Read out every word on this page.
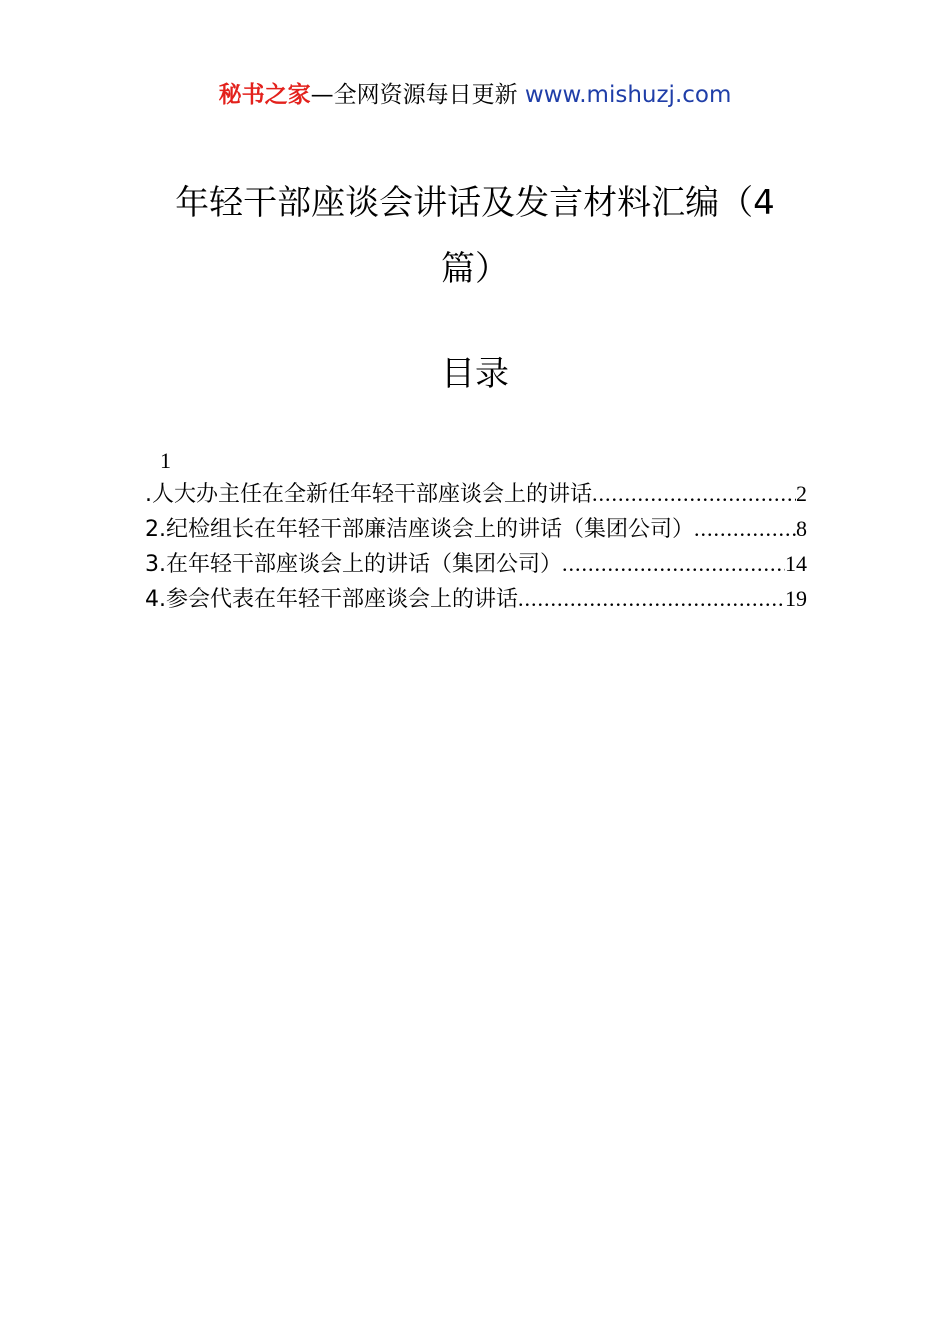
秘书之家—全网资源每日更新 www.mishuzj.com
年轻干部座谈会讲话及发言材料汇编（4篇）
目录
1
.人大办主任在全新任年轻干部座谈会上的讲话 .....	2
2.纪检组长在年轻干部廉洁座谈会上的讲话（集团公司） .....	8
3.在年轻干部座谈会上的讲话（集团公司） .....	14
4.参会代表在年轻干部座谈会上的讲话 .....	19
